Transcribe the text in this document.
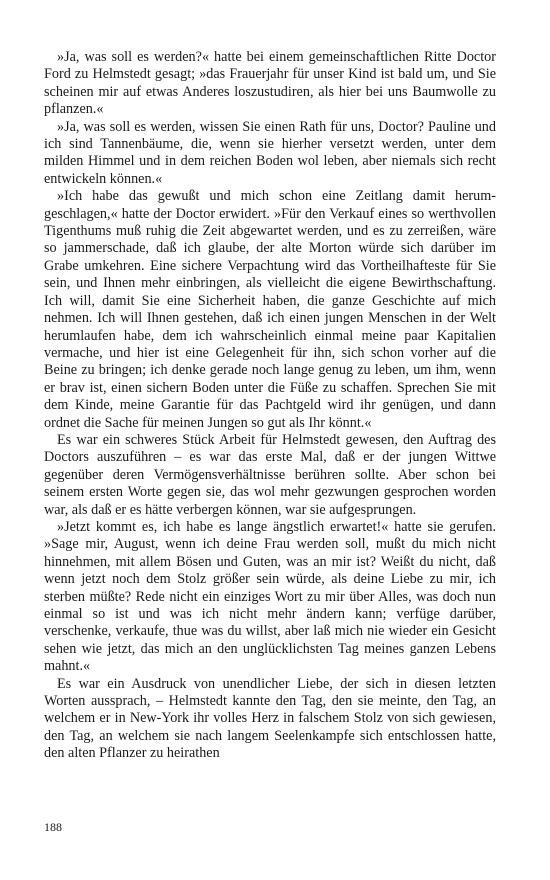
»Ja, was soll es werden?« hatte bei einem gemeinschaftlichen Ritte Doctor Ford zu Helmstedt gesagt; »das Frauerjahr für unser Kind ist bald um, und Sie scheinen mir auf etwas Anderes loszustudiren, als hier bei uns Baumwolle zu pflanzen.«

»Ja, was soll es werden, wissen Sie einen Rath für uns, Doctor? Pauline und ich sind Tannenbäume, die, wenn sie hierher versetzt werden, unter dem milden Himmel und in dem reichen Boden wol leben, aber niemals sich recht entwickeln können.«

»Ich habe das gewußt und mich schon eine Zeitlang damit herumgeschlagen,« hatte der Doctor erwidert. »Für den Verkauf eines so werthvollen Tigenthums muß ruhig die Zeit abgewartet werden, und es zu zerreißen, wäre so jammerschade, daß ich glaube, der alte Morton würde sich darüber im Grabe umkehren. Eine sichere Verpachtung wird das Vortheilhafteste für Sie sein, und Ihnen mehr einbringen, als vielleicht die eigene Bewirthschaftung. Ich will, damit Sie eine Sicherheit haben, die ganze Geschichte auf mich nehmen. Ich will Ihnen gestehen, daß ich einen jungen Menschen in der Welt herumlaufen habe, dem ich wahrscheinlich einmal meine paar Kapitalien vermache, und hier ist eine Gelegenheit für ihn, sich schon vorher auf die Beine zu bringen; ich denke gerade noch lange genug zu leben, um ihm, wenn er brav ist, einen sichern Boden unter die Füße zu schaffen. Sprechen Sie mit dem Kinde, meine Garantie für das Pachtgeld wird ihr genügen, und dann ordnet die Sache für meinen Jungen so gut als Ihr könnt.«

Es war ein schweres Stück Arbeit für Helmstedt gewesen, den Auftrag des Doctors auszuführen – es war das erste Mal, daß er der jungen Wittwe gegenüber deren Vermögensverhältnisse berühren sollte. Aber schon bei seinem ersten Worte gegen sie, das wol mehr gezwungen gesprochen worden war, als daß er es hätte verbergen können, war sie aufgesprungen.

»Jetzt kommt es, ich habe es lange ängstlich erwartet!« hatte sie gerufen. »Sage mir, August, wenn ich deine Frau werden soll, mußt du mich nicht hinnehmen, mit allem Bösen und Guten, was an mir ist? Weißt du nicht, daß wenn jetzt noch dem Stolz größer sein würde, als deine Liebe zu mir, ich sterben müßte? Rede nicht ein einziges Wort zu mir über Alles, was doch nun einmal so ist und was ich nicht mehr ändern kann; verfüge darüber, verschenke, verkaufe, thue was du willst, aber laß mich nie wieder ein Gesicht sehen wie jetzt, das mich an den unglücklichsten Tag meines ganzen Lebens mahnt.«

Es war ein Ausdruck von unendlicher Liebe, der sich in diesen letzten Worten aussprach, – Helmstedt kannte den Tag, den sie meinte, den Tag, an welchem er in New-York ihr volles Herz in falschem Stolz von sich gewiesen, den Tag, an welchem sie nach langem Seelenkampfe sich entschlossen hatte, den alten Pflanzer zu heirathen

188
